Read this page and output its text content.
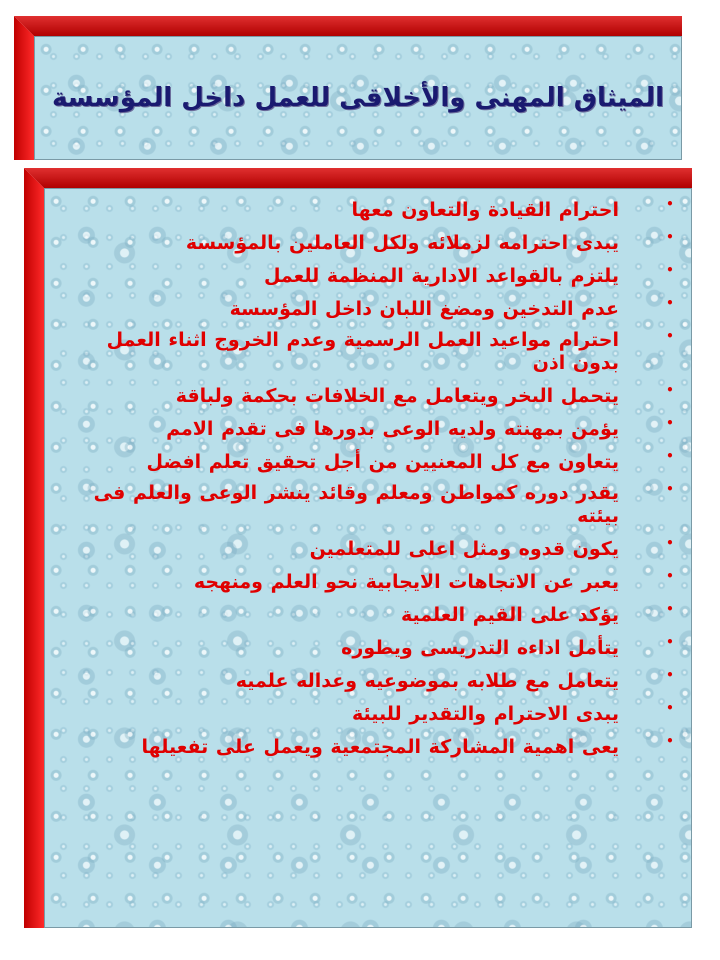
الميثاق المهنى والأخلاقى للعمل داخل المؤسسة
•
احترام القيادة والتعاون معها
•
يبدى احترامه لزملائه ولكل العاملين بالمؤسسة
•
يلتزم بالقواعد الادارية المنظمة للعمل
•
عدم التدخين ومضغ اللبان داخل المؤسسة
•
احترام مواعيد العمل الرسمية وعدم الخروج اثناء العمل بدون اذن
•
يتحمل الىخر ويتعامل مع الخلافات بحكمة ولباقة
•
يؤمن بمهنته ولديه الوعى بدورها فى تقدم الامم
•
يتعاون مع كل المعنيين من أجل تحقيق تعلم افضل
•
يقدر دوره كمواطن ومعلم وقائد ينشر الوعى والعلم فى بيئته
•
يكون قدوه ومثل اعلى للمتعلمين
•
يعبر عن الاتجاهات الايجابية نحو العلم ومنهجه
•
يؤكد على القيم العلمية
•
يتأمل اداءه التدريسى ويطوره
•
يتعامل مع طلابه بموضوعيه وعداله علميه
•
يبدى الاحترام والتقدير للبيئة
•
يعى اهمية المشاركة المجتمعية ويعمل على تفعيلها
